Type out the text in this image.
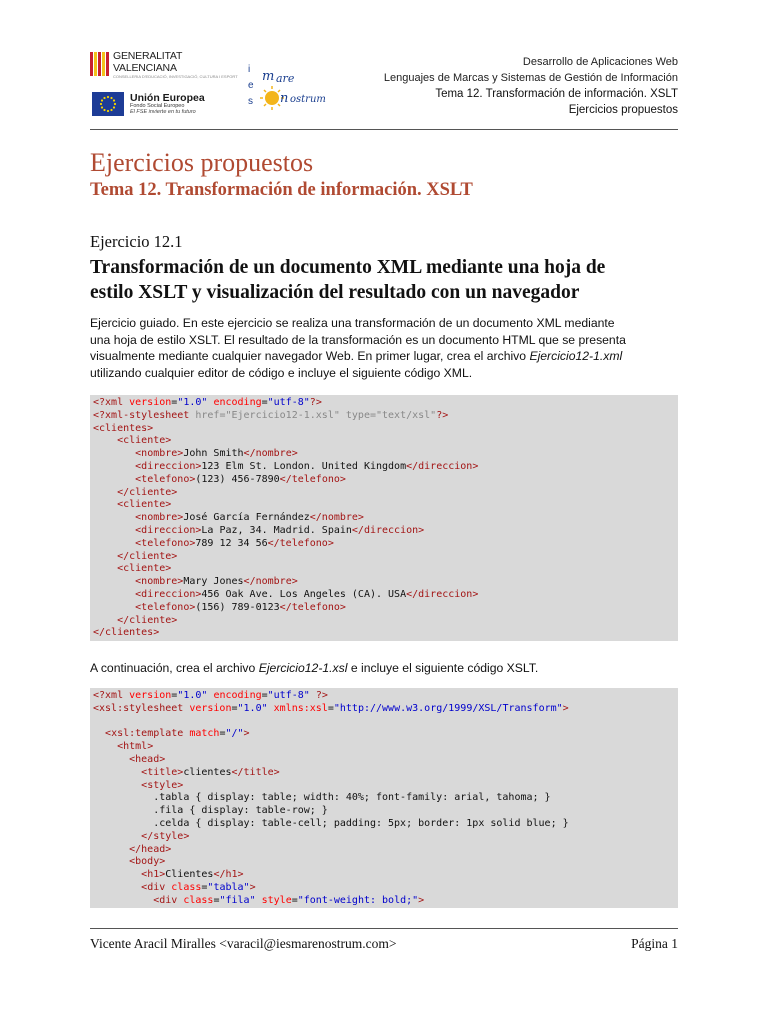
GENERALITAT VALENCIANA
CONSELLERIA D'EDUCACIÓ, INVESTIGACIÓ, CULTURA I ESPORT
Unión Europea
Fondo Social Europeo
El FSE invierte en tu futuro
i
e
s
m are
n ostrum
Desarrollo de Aplicaciones Web
Lenguajes de Marcas y Sistemas de Gestión de Información
Tema 12. Transformación de información. XSLT
Ejercicios propuestos
Ejercicios propuestos
Tema 12. Transformación de información. XSLT
Ejercicio 12.1
Transformación de un documento XML mediante una hoja de
estilo XSLT y visualización del resultado con un navegador
Ejercicio guiado. En este ejercicio se realiza una transformación de un documento XML mediante
una hoja de estilo XSLT. El resultado de la transformación es un documento HTML que se presenta
visualmente mediante cualquier navegador Web. En primer lugar, crea el archivo Ejercicio12-1.xml
utilizando cualquier editor de código e incluye el siguiente código XML.
<?xml version="1.0" encoding="utf-8"?>
<?xml-stylesheet href="Ejercicio12-1.xsl" type="text/xsl"?>
<clientes>
<cliente>
<nombre>John Smith</nombre>
<direccion>123 Elm St. London. United Kingdom</direccion>
<telefono>(123) 456-7890</telefono>
</cliente>
<cliente>
<nombre>José García Fernández</nombre>
<direccion>La Paz, 34. Madrid. Spain</direccion>
<telefono>789 12 34 56</telefono>
</cliente>
<cliente>
<nombre>Mary Jones</nombre>
<direccion>456 Oak Ave. Los Angeles (CA). USA</direccion>
<telefono>(156) 789-0123</telefono>
</cliente>
</clientes>
A continuación, crea el archivo Ejercicio12-1.xsl e incluye el siguiente código XSLT.
<?xml version="1.0" encoding="utf-8" ?>
<xsl:stylesheet version="1.0" xmlns:xsl="http://www.w3.org/1999/XSL/Transform">

<xsl:template match="/">
<html>
<head>
<title>clientes</title>
<style>
.tabla { display: table; width: 40%; font-family: arial, tahoma; }
.fila { display: table-row; }
.celda { display: table-cell; padding: 5px; border: 1px solid blue; }
</style>
</head>
<body>
<h1>Clientes</h1>
<div class="tabla">
<div class="fila" style="font-weight: bold;">
Vicente Aracil Miralles <varacil@iesmarenostrum.com>	Página 1
